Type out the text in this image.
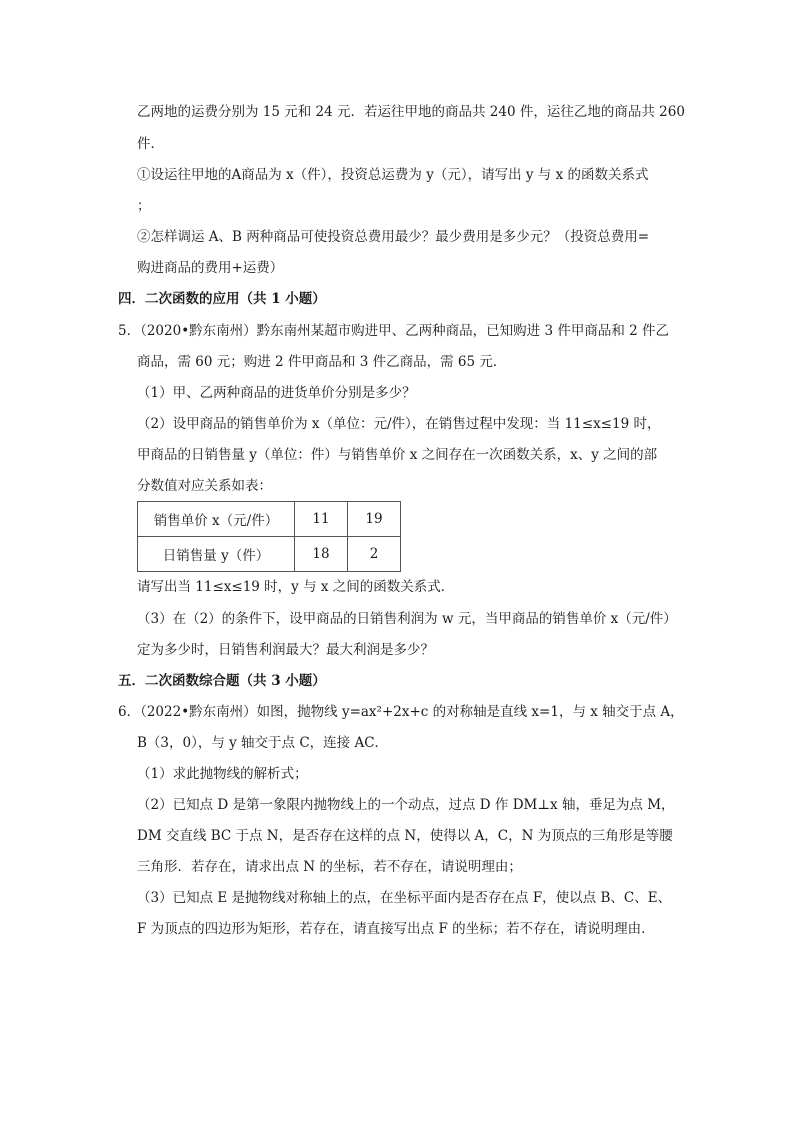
乙两地的运费分别为 15 元和 24 元．若运往甲地的商品共 240 件，运往乙地的商品共 260
件．
①设运往甲地的A商品为 x（件），投资总运费为 y（元），请写出 y 与 x 的函数关系式
；
②怎样调运 A、B 两种商品可使投资总费用最少？最少费用是多少元？（投资总费用=
购进商品的费用+运费）
四．二次函数的应用（共 1 小题）
5．（2020•黔东南州）黔东南州某超市购进甲、乙两种商品，已知购进 3 件甲商品和 2 件乙
商品，需 60 元；购进 2 件甲商品和 3 件乙商品，需 65 元．
（1）甲、乙两种商品的进货单价分别是多少？
（2）设甲商品的销售单价为 x（单位：元/件），在销售过程中发现：当 11≤x≤19 时，
甲商品的日销售量 y（单位：件）与销售单价 x 之间存在一次函数关系，x、y 之间的部
分数值对应关系如表：
销售单价 x（元/件）	11	19
日销售量 y（件）	18	2
请写出当 11≤x≤19 时，y 与 x 之间的函数关系式．
（3）在（2）的条件下，设甲商品的日销售利润为 w 元，当甲商品的销售单价 x（元/件）
定为多少时，日销售利润最大？最大利润是多少？
五．二次函数综合题（共 3 小题）
6．（2022•黔东南州）如图，抛物线 y=ax²+2x+c 的对称轴是直线 x=1，与 x 轴交于点 A，
B（3，0），与 y 轴交于点 C，连接 AC．
（1）求此抛物线的解析式；
（2）已知点 D 是第一象限内抛物线上的一个动点，过点 D 作 DM⊥x 轴，垂足为点 M，
DM 交直线 BC 于点 N，是否存在这样的点 N，使得以 A，C，N 为顶点的三角形是等腰
三角形．若存在，请求出点 N 的坐标，若不存在，请说明理由；
（3）已知点 E 是抛物线对称轴上的点，在坐标平面内是否存在点 F，使以点 B、C、E、
F 为顶点的四边形为矩形，若存在，请直接写出点 F 的坐标；若不存在，请说明理由．
